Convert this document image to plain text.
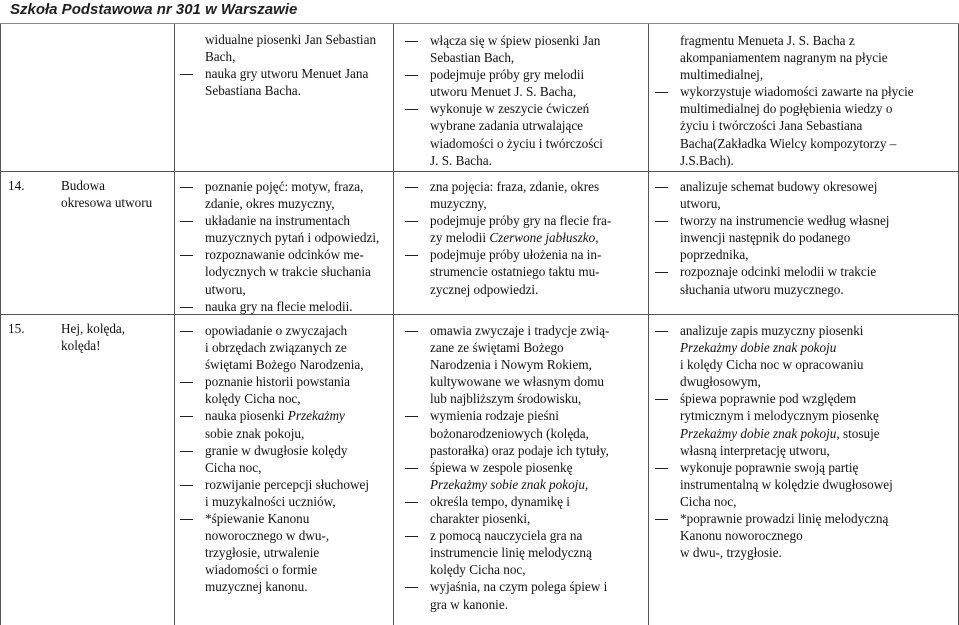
Szkoła Podstawowa nr 301 w Warszawie
widualne piosenki Jan Sebastian
Bach,
nauka gry utworu Menuet Jana
Sebastiana Bacha.
włącza się w śpiew piosenki Jan
Sebastian Bach,
podejmuje próby gry melodii
utworu Menuet J. S. Bacha,
wykonuje w zeszycie ćwiczeń
wybrane zadania utrwalające
wiadomości o życiu i twórczości
J. S. Bacha.
fragmentu Menueta J. S. Bacha z
akompaniamentem nagranym na płycie
multimedialnej,
wykorzystuje wiadomości zawarte na płycie
multimedialnej do pogłębienia wiedzy o
życiu i twórczości Jana Sebastiana
Bacha(Zakładka Wielcy kompozytorzy –
J.S.Bach).
14.	Budowa
okresowa utworu
poznanie pojęć: motyw, fraza,
zdanie, okres muzyczny,
układanie na instrumentach
muzycznych pytań i odpowiedzi,
rozpoznawanie odcinków me-
lodycznych w trakcie słuchania
utworu,
nauka gry na flecie melodii.
zna pojęcia: fraza, zdanie, okres
muzyczny,
podejmuje próby gry na flecie fra-
zy melodii Czerwone jabłuszko,
podejmuje próby ułożenia na in-
strumencie ostatniego taktu mu-
zycznej odpowiedzi.
analizuje schemat budowy okresowej
utworu,
tworzy na instrumencie według własnej
inwencji następnik do podanego
poprzednika,
rozpoznaje odcinki melodii w trakcie
słuchania utworu muzycznego.
15.	Hej, kolęda,
kolęda!
opowiadanie o zwyczajach
i obrzędach związanych ze
świętami Bożego Narodzenia,
poznanie historii powstania
kolędy Cicha noc,
nauka piosenki Przekażmy
sobie znak pokoju,
granie w dwugłosie kolędy
Cicha noc,
rozwijanie percepcji słuchowej
i muzykalności uczniów,
*śpiewanie Kanonu
noworocznego w dwu-,
trzygłosie, utrwalenie
wiadomości o formie
muzycznej kanonu.
omawia zwyczaje i tradycje zwią-
zane ze świętami Bożego
Narodzenia i Nowym Rokiem,
kultywowane we własnym domu
lub najbliższym środowisku,
wymienia rodzaje pieśni
bożonarodzeniowych (kolęda,
pastorałka) oraz podaje ich tytuły,
śpiewa w zespole piosenkę
Przekażmy sobie znak pokoju,
określa tempo, dynamikę i
charakter piosenki,
z pomocą nauczyciela gra na
instrumencie linię melodyczną
kolędy Cicha noc,
wyjaśnia, na czym polega śpiew i
gra w kanonie.
analizuje zapis muzyczny piosenki
Przekażmy dobie znak pokoju
i kolędy Cicha noc w opracowaniu
dwugłosowym,
śpiewa poprawnie pod względem
rytmicznym i melodycznym piosenkę
Przekażmy dobie znak pokoju, stosuje
własną interpretację utworu,
wykonuje poprawnie swoją partię
instrumentalną w kolędzie dwugłosowej
Cicha noc,
*poprawnie prowadzi linię melodyczną
Kanonu noworocznego
w dwu-, trzygłosie.
